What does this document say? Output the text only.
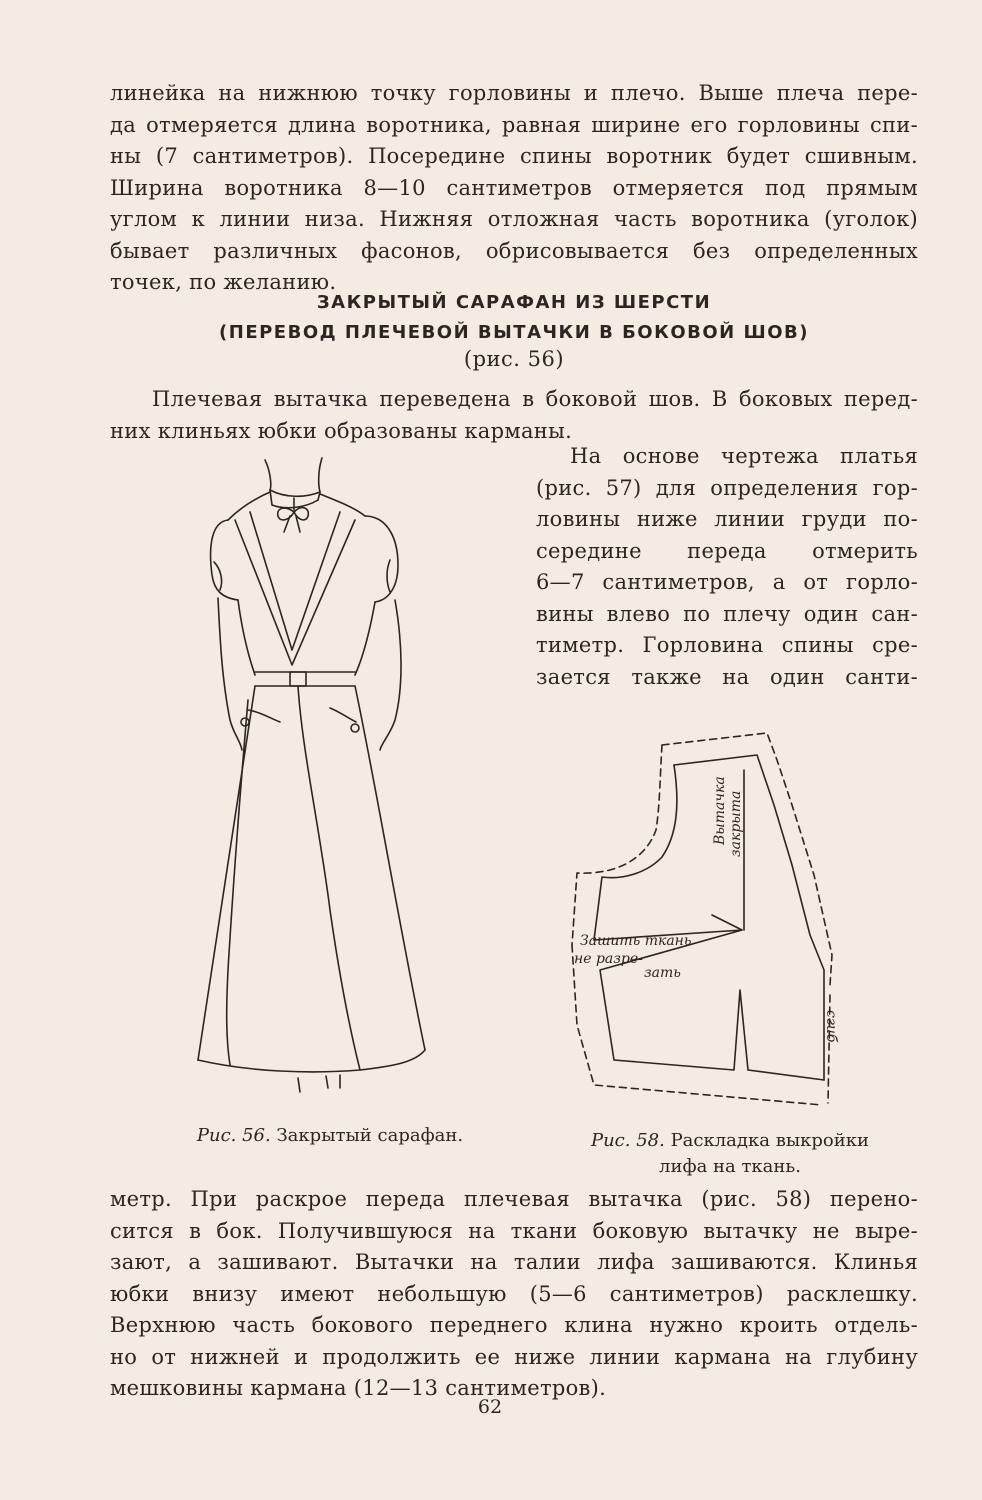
линейка на нижнюю точку горловины и плечо. Выше плеча пере-

да отмеряется длина воротника, равная ширине его горловины спи-

ны (7 сантиметров). Посередине спины воротник будет сшивным.

Ширина воротника 8—10 сантиметров отмеряется под прямым

углом к линии низа. Нижняя отложная часть воротника (уголок)

бывает различных фасонов, обрисовывается без определенных

точек, по желанию.

ЗАКРЫТЫЙ САРАФАН ИЗ ШЕРСТИ
(ПЕРЕВОД ПЛЕЧЕВОЙ ВЫТАЧКИ В БОКОВОЙ ШОВ)
(рис. 56)

Плечевая вытачка переведена в боковой шов. В боковых перед-

них клиньях юбки образованы карманы.

На основе чертежа платья

(рис. 57) для определения гор-

ловины ниже линии груди по-

середине переда отмерить

6—7 сантиметров, а от горло-

вины влево по плечу один сан-

тиметр. Горловина спины сре-

зается также на один санти-

Вытачка закрыта
Зашить ткань
не разре-
зать
сгиб
Рис. 56. Закрытый сарафан.	Рис. 58. Раскладка выкройки
лифа на ткань.

метр. При раскрое переда плечевая вытачка (рис. 58) перено-

сится в бок. Получившуюся на ткани боковую вытачку не выре-

зают, а зашивают. Вытачки на талии лифа зашиваются. Клинья

юбки внизу имеют небольшую (5—6 сантиметров) расклешку.

Верхнюю часть бокового переднего клина нужно кроить отдель-

но от нижней и продолжить ее ниже линии кармана на глубину

мешковины кармана (12—13 сантиметров).

62
